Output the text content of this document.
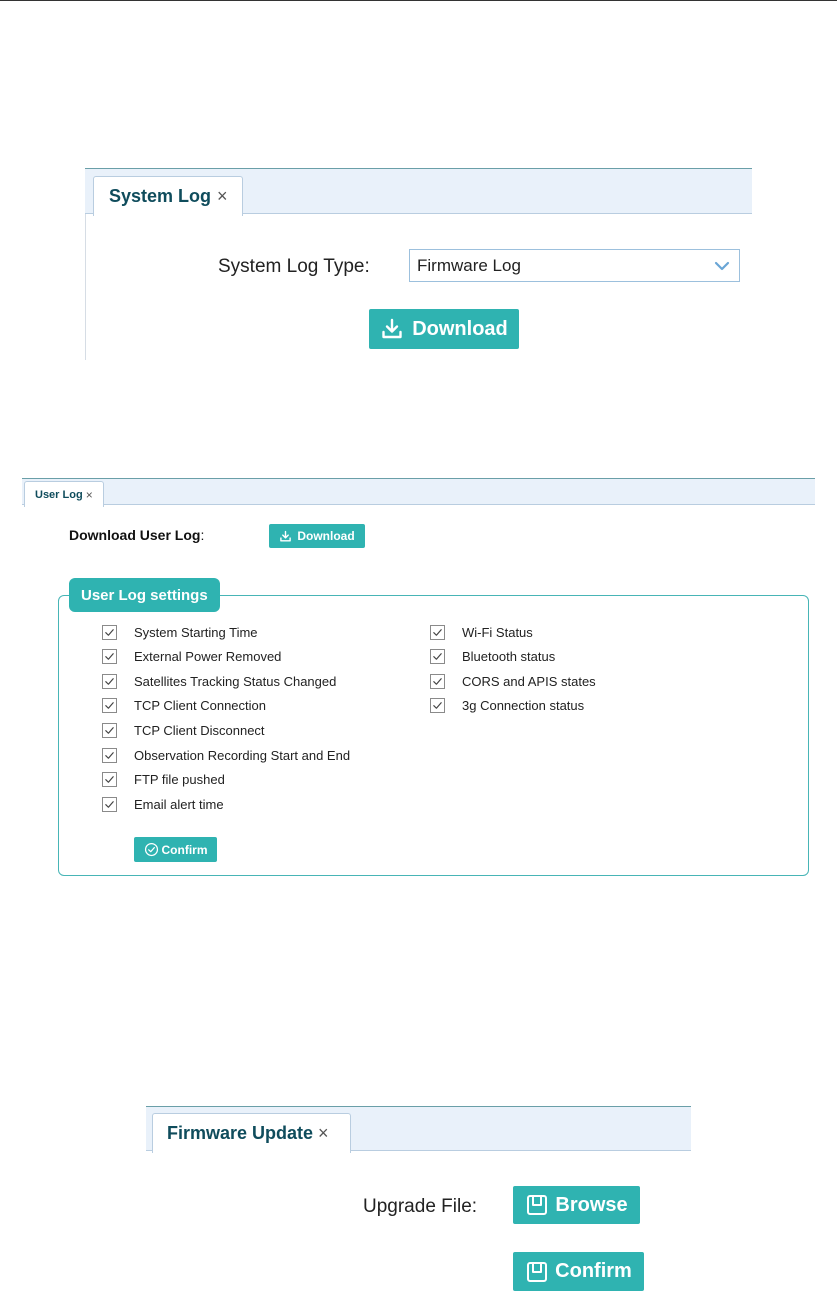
System Log ×
System Log Type:	Firmware Log
Download
User Log ×
Download User Log:	Download
User Log settings
System Starting Time
External Power Removed
Satellites Tracking Status Changed
TCP Client Connection
TCP Client Disconnect
Observation Recording Start and End
FTP file pushed
Email alert time
Wi-Fi Status
Bluetooth status
CORS and APIS states
3g Connection status
Confirm
Firmware Update ×
Upgrade File:	Browse
Confirm
